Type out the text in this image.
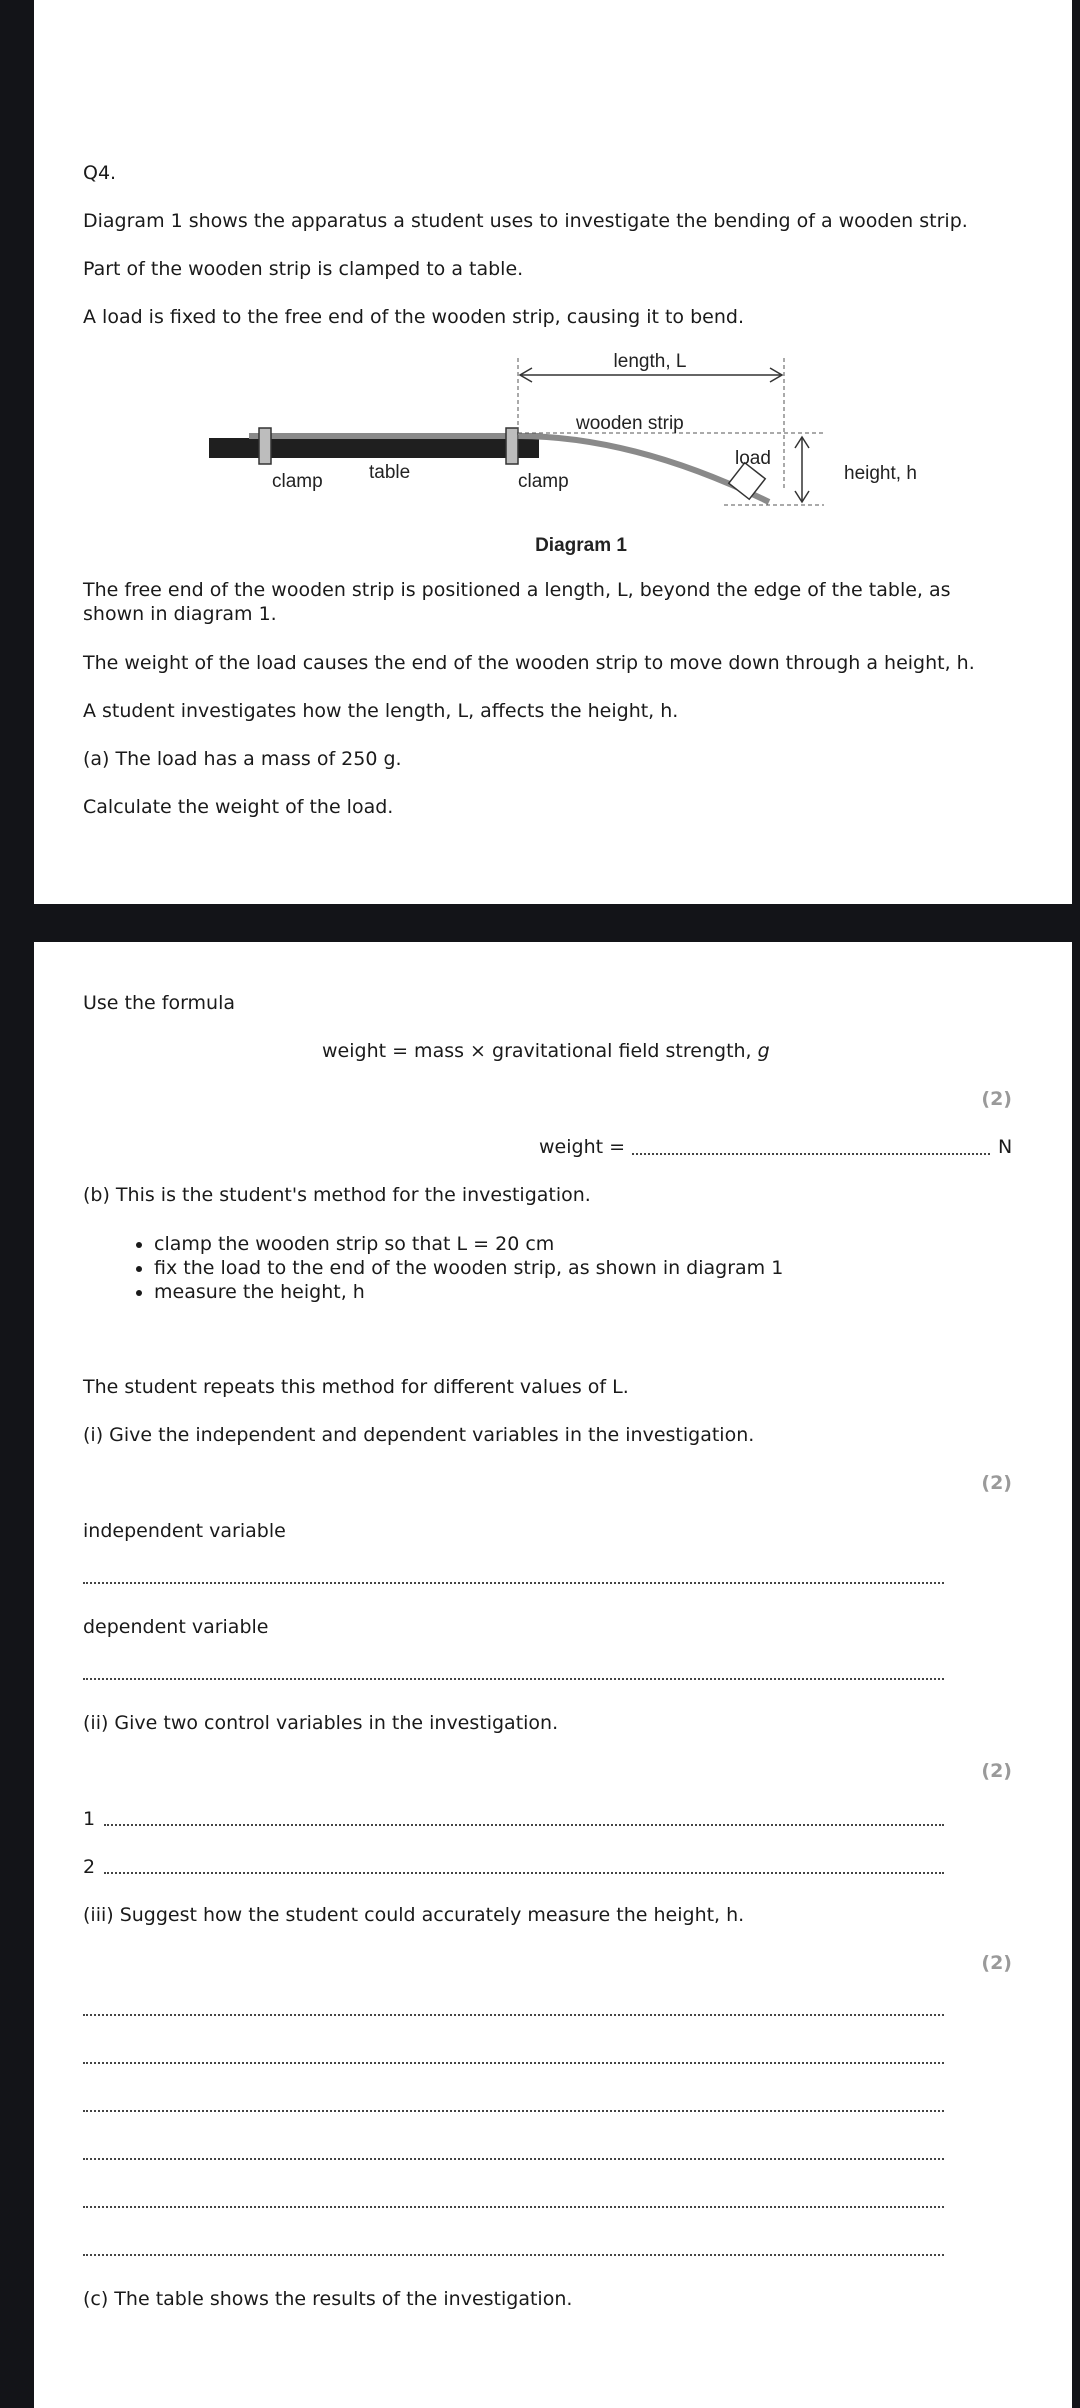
Q4.
Diagram 1 shows the apparatus a student uses to investigate the bending of a wooden strip.
Part of the wooden strip is clamped to a table.
A load is fixed to the free end of the wooden strip, causing it to bend.
length, L
wooden strip
load
height, h
clamp table	clamp
Diagram 1
The free end of the wooden strip is positioned a length, L, beyond the edge of the table, as
shown in diagram 1.
The weight of the load causes the end of the wooden strip to move down through a height, h.
A student investigates how the length, L, affects the height, h.
(a) The load has a mass of 250 g.
Calculate the weight of the load.
Use the formula
weight = mass × gravitational field strength, g
(2)
weight =	N
(b) This is the student's method for the investigation.
• clamp the wooden strip so that L = 20 cm
• fix the load to the end of the wooden strip, as shown in diagram 1
• measure the height, h
The student repeats this method for different values of L.
(i) Give the independent and dependent variables in the investigation.
(2)
independent variable
dependent variable
(ii) Give two control variables in the investigation.
(2)
1
2
(iii) Suggest how the student could accurately measure the height, h.
(2)
(c) The table shows the results of the investigation.
